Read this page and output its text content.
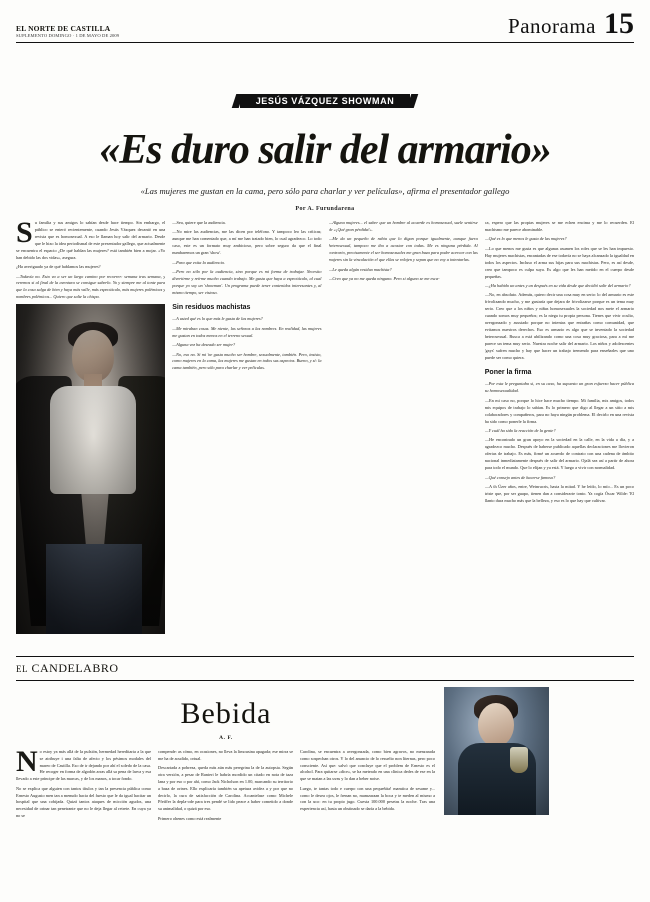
EL NORTE DE CASTILLA
SUPLEMENTO DOMINGO · 1 DE MAYO DE 2009	Panorama 15
JESÚS VÁZQUEZ SHOWMAN
«Es duro salir del armario»
«Las mujeres me gustan en la cama, pero sólo para charlar y ver películas», afirma el presentador gallego
Por A. Furundarena

Su familia y sus amigos lo sabían desde hace tiempo. Sin embargo, el público se enteró recientemente, cuando Jesús Vázquez decantó en una revista que es homosexual. A eso le llaman hoy salir del armario. Desde que le hizo la idea periodismal de este presentador gallego, que actualmente se encuentra el espacio ¿De qué hablan las mujeres? está también bien a mojar. «Yo han debido las dos vidas», asegura.

¿Ha averiguado ya de qué hablamos las mujeres?

—Todavía no. Esto va a ser un largo camino por recorrer: semana tras semana, y veremos si al final de la aventura se consigue saberlo. Yo y siempre me al tonte para que la cosa salga de bien y haya más valle, más espectáculo, más mujeres polémicas y nombres polémicos... Quiero que salte la chispa.

—Sea, quiere que la audiencia.

—No mire las audiencias, me las dicen por teléfono. Y tampoco leo las críticas; aunque me han comentado que, a mí me han tratado bien, lo cual agradezco. Lo todo caso, este es un formato muy ambicioso, pero sobre seguro da que el final numbaremos un gran 'show'.

—Para que exita la audiencia.

—Pero no sólo por la audiencia, sino porque es mi forma de trabajar. Necesito divertirme y reírme mucho cuando trabajo. Me gusta que haya a espectáculo, al cual porque yo soy un 'showman'. Un programa puede tener contenidos interesantes y, al mismo tiempo, ser vistoso.

Sin residuos machistas

—A usted qué es lo que más le gusta de las mujeres?

—Me miraban cosas. Me niente, las señoras a las nombres. En realidad, las mujeres me gustan en todos menos en el terreno sexual.

—Alguna vez ha deseado ser mujer?

—No, eso no. Si mi 'ne gusta mucho ser hombre, sexualmente, también. Pero, insisto, como mujeres en la cama, las mujeres me gustan en todos sus aspectos. Bueno, y sí: la cama también, pero sólo para charlar y ver películas.

—Alguna mujeres... el saber que un hombre al acuerde es homosexual, suele sentirse de «¡Qué gran pérdida!».

—Me da un pequeño de rabia que lo digan porque igualmente, aunque fuera heterosexual, tampoco me iba a acostar con todas. Me es ninguna pérdida. Al contrario, precisamente el ser homosexuales me gran baza para poder acercar con las mujeres sin la vinculación el que ellas se relajen y sepan que no voy a intentarlas.

—Le queda algún residuo machista?

—Creo que ya no me queda ninguno. Pero si alguno se me esca-

ca, espero que las propias mujeres se me echen encima y me lo recuerden. El machismo me parece abominable.

—Qué es lo que menos le gusta de las mujeres?

—Lo que menos me gusta es que algunas asumen los roles que se les han impuesto. Hay mujeres machistas, encantadas de ese todavía no se haya alcanzado la igualdad en todos los aspectos. Incluso el arma sus hijas para sus machistas. Pero, es así desde, creo que tampoco es culpa suya. Es algo que les han metido en el cuerpo desde pequeñas.

—¿Ha habido un antes y un después en su vida desde que decidió salir del armario?

—No, en absoluto. Además, quiero decir una cosa muy en serio: lo del armario es este frívolizando mucho, y me gustaría que dejara de frivolizarse porque es un tema muy serio. Creo que a los niños y niñas homosexuales la sociedad nos mete el armario cuando somos muy pequeños; es la niega tu propia persona. Tienes que vivir oculto, avergonzado y asustado porque no intentas que entrañas como comunidad, que evitamos nuestros derechos. Eso es armario es algo que se inventado la sociedad heterosexual. Busca a está ubilizando como una cosa muy graciosa, para a mí me parece un tema muy serio. Nuestra noche salir del armario. Los niños y adolescentes 'gays' sufren mucho y hay que hacer un trabajo tremendo para enseñarles que uno puede ser como quiera.

Poner la firma

—Por esta le preguntaba si, en su caso, ha supuesto un gran esfuerzo hacer pública su homosexualidad.

—En mi caso no, porque lo hice hace mucho tiempo. Mi familia, mis amigos, todos mis equipos de trabajo lo sabían. Es lo primero que digo al llegar a un sitio a mis colaboradores y compañeros, para no haya ningún problema. El decirlo en una revista ha sido como ponerle la firma.

—Y cuál ha sido la reacción de la gente?

—He encontrado un gran apoyo en la sociedad en la calle, en la vida a día, y a agradezco mucho. Después de haberse publicado aquellas declaraciones me llovieron ofertas de trabajo. Es más, firmé un acuerdo de contrato con una cadena de ámbito nacional inmediatamente después de salir del armario. Ojalá sea así a partir de ahora para todo el mundo. Que lo elijan y ya está. Y luego a vivir con normalidad.

—Qué consejo antes de hacerse famoso?

—A th Üzer años, entre, Weinrucris, hasta la mitad. Y he leído, lo mío... Es un poco triste que, por ser guapo, tienen dan a considerarte tonto. Ya cogía Óscar Wilde: 'El llanto dura mucho más que la belleza, y eso es lo que hay que cultivar.

EL CANDELABRO
Bebida
A. F.

No estoy ya más allá de la pulsión, hermedad hereditaria a la que se atribuye i una falta de afecto y los pésimos modales del mareo de Castilla. Eso de ir dejando por ahí el soledo de la casa. He recoger en forma de algodón arras allá sa pena de larva y esa llevado a este príncipe de las marcas, y de los manos, a tocar fondo.

No se explica que alguien con tantos títulos y tan la presencia pública como Ernesto Augusto men tan a menudo hacia del fuesto que le da igual hacitar un hospital que una cobijada. Quizá tantos ataques de micción agudos, una necesidad de orinar tan penetrante que no le deja llegar al retrete. En cuya ya no se

compende: as cómo, en ocasiones, no lleva la limousina apagada; ese mirra se me ha de acudido, ortual.

Descartada a pobreza, queda más aún más peregrina la de la autopsia. Según otra versión, a pesar de Ranieri le habría mordido un citado en nota de taza lana y por eso o por ahí, como Jack Nicholson en 1.00, marcando su territorio a baza de orines. Ello explicaría también su apetura avidez a y por que no decirlo, la cura de satisfacción de Carolina. Accantelase como Michele Pfeiffer la depla-ode para tres pendé se lido peace a haber cometido a donde su animalidad, o quizá por eso.

Primero ohenes como está realmente

Carolina, se encuentra a avergonzada, como bien agravos, no menzarada como sospechan otros. Y lo del anuncio de lo resuelto non liternas, pero poco consciente. Así que: salvó que concluye que el problem de Ernesto es el alcohol. Para quitarse «dice», se ha meteado en una clínica dedes de ese en la que se matan a las uvas y lo dan a beber noise.

Luego, te tantas todo e cuerpo con una pequeñita! mamtica de sesame y... como le desea ojos, le frenan no, mamzaraan la boca y te meden al mismo a con la uco: en tu propio jugo. Cuesta 100.000 pesetas la noche. Tras una experiencia así, hasta un obstinado se daría a la bebida.
